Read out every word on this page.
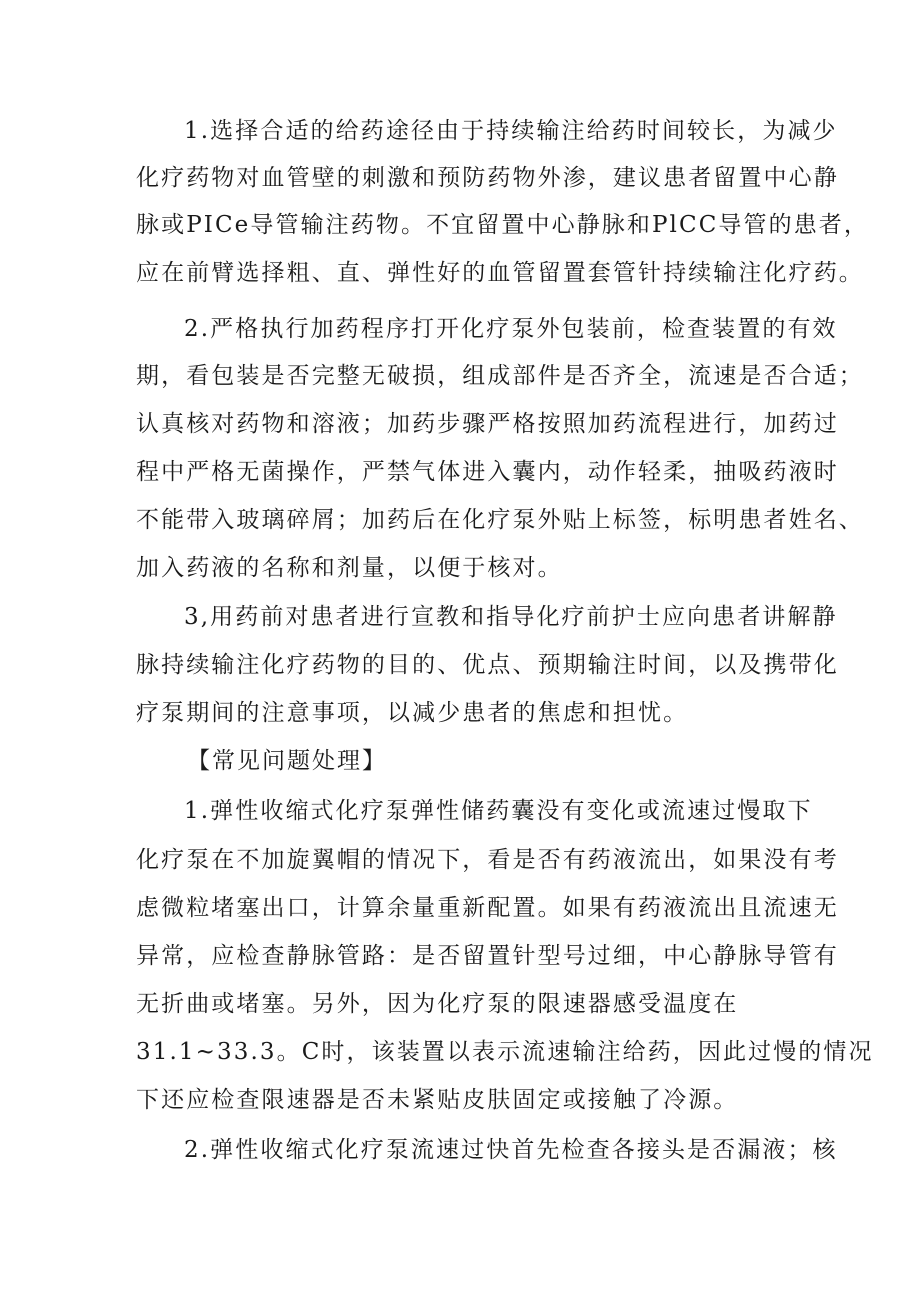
1.选择合适的给药途径由于持续输注给药时间较长，为减少
化疗药物对血管壁的刺激和预防药物外渗，建议患者留置中心静
脉或PICe导管输注药物。不宜留置中心静脉和PlCC导管的患者，
应在前臂选择粗、直、弹性好的血管留置套管针持续输注化疗药。
2.严格执行加药程序打开化疗泵外包装前，检查装置的有效
期，看包装是否完整无破损，组成部件是否齐全，流速是否合适；
认真核对药物和溶液；加药步骤严格按照加药流程进行，加药过
程中严格无菌操作，严禁气体进入囊内，动作轻柔，抽吸药液时
不能带入玻璃碎屑；加药后在化疗泵外贴上标签，标明患者姓名、
加入药液的名称和剂量，以便于核对。
3,用药前对患者进行宣教和指导化疗前护士应向患者讲解静
脉持续输注化疗药物的目的、优点、预期输注时间，以及携带化
疗泵期间的注意事项，以减少患者的焦虑和担忧。
【常见问题处理】
1.弹性收缩式化疗泵弹性储药囊没有变化或流速过慢取下
化疗泵在不加旋翼帽的情况下，看是否有药液流出，如果没有考
虑微粒堵塞出口，计算余量重新配置。如果有药液流出且流速无
异常，应检查静脉管路：是否留置针型号过细，中心静脉导管有
无折曲或堵塞。另外，因为化疗泵的限速器感受温度在
31.1~33.3。C时，该装置以表示流速输注给药，因此过慢的情况
下还应检查限速器是否未紧贴皮肤固定或接触了冷源。
2.弹性收缩式化疗泵流速过快首先检查各接头是否漏液；核
